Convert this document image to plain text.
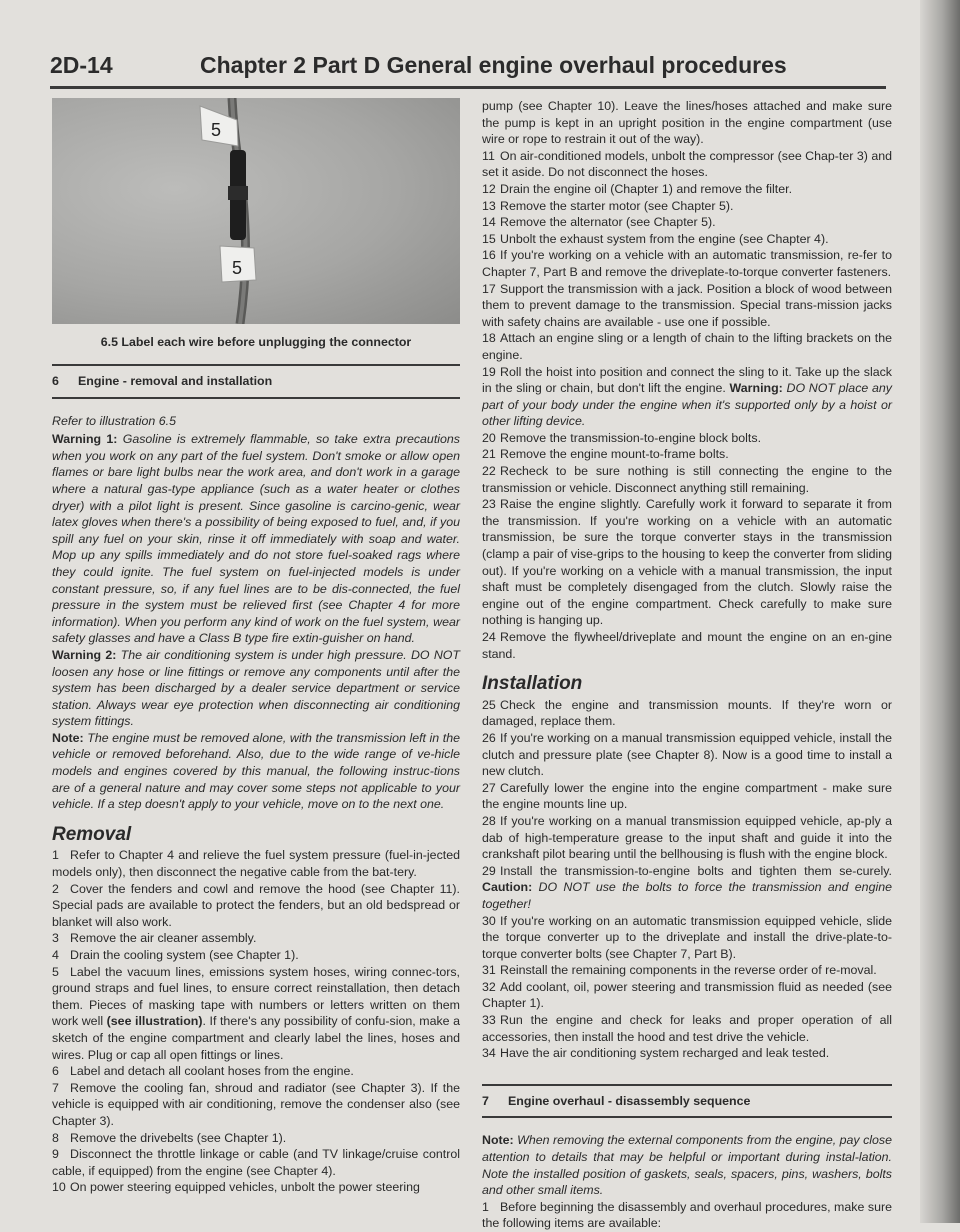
2D-14	Chapter 2 Part D General engine overhaul procedures
5
5
6.5 Label each wire before unplugging the connector
6 Engine - removal and installation

Refer to illustration 6.5

Warning 1: Gasoline is extremely flammable, so take extra precautions when you work on any part of the fuel system. Don't smoke or allow open flames or bare light bulbs near the work area, and don't work in a garage where a natural gas-type appliance (such as a water heater or clothes dryer) with a pilot light is present. Since gasoline is carcino-genic, wear latex gloves when there's a possibility of being exposed to fuel, and, if you spill any fuel on your skin, rinse it off immediately with soap and water. Mop up any spills immediately and do not store fuel-soaked rags where they could ignite. The fuel system on fuel-injected models is under constant pressure, so, if any fuel lines are to be dis-connected, the fuel pressure in the system must be relieved first (see Chapter 4 for more information). When you perform any kind of work on the fuel system, wear safety glasses and have a Class B type fire extin-guisher on hand.

Warning 2: The air conditioning system is under high pressure. DO NOT loosen any hose or line fittings or remove any components until after the system has been discharged by a dealer service department or service station. Always wear eye protection when disconnecting air conditioning system fittings.

Note: The engine must be removed alone, with the transmission left in the vehicle or removed beforehand. Also, due to the wide range of ve-hicle models and engines covered by this manual, the following instruc-tions are of a general nature and may cover some steps not applicable to your vehicle. If a step doesn't apply to your vehicle, move on to the next one.

Removal

1 Refer to Chapter 4 and relieve the fuel system pressure (fuel-in-jected models only), then disconnect the negative cable from the bat-tery.

2 Cover the fenders and cowl and remove the hood (see Chapter 11). Special pads are available to protect the fenders, but an old bedspread or blanket will also work.

3 Remove the air cleaner assembly.

4 Drain the cooling system (see Chapter 1).

5 Label the vacuum lines, emissions system hoses, wiring connec-tors, ground straps and fuel lines, to ensure correct reinstallation, then detach them. Pieces of masking tape with numbers or letters written on them work well (see illustration). If there's any possibility of confu-sion, make a sketch of the engine compartment and clearly label the lines, hoses and wires. Plug or cap all open fittings or lines.

6 Label and detach all coolant hoses from the engine.

7 Remove the cooling fan, shroud and radiator (see Chapter 3). If the vehicle is equipped with air conditioning, remove the condenser also (see Chapter 3).

8 Remove the drivebelts (see Chapter 1).

9 Disconnect the throttle linkage or cable (and TV linkage/cruise control cable, if equipped) from the engine (see Chapter 4).

10 On power steering equipped vehicles, unbolt the power steering

pump (see Chapter 10). Leave the lines/hoses attached and make sure the pump is kept in an upright position in the engine compartment (use wire or rope to restrain it out of the way).

11 On air-conditioned models, unbolt the compressor (see Chap-ter 3) and set it aside. Do not disconnect the hoses.

12 Drain the engine oil (Chapter 1) and remove the filter.

13 Remove the starter motor (see Chapter 5).

14 Remove the alternator (see Chapter 5).

15 Unbolt the exhaust system from the engine (see Chapter 4).

16 If you're working on a vehicle with an automatic transmission, re-fer to Chapter 7, Part B and remove the driveplate-to-torque converter fasteners.

17 Support the transmission with a jack. Position a block of wood between them to prevent damage to the transmission. Special trans-mission jacks with safety chains are available - use one if possible.

18 Attach an engine sling or a length of chain to the lifting brackets on the engine.

19 Roll the hoist into position and connect the sling to it. Take up the slack in the sling or chain, but don't lift the engine. Warning: DO NOT place any part of your body under the engine when it's supported only by a hoist or other lifting device.

20 Remove the transmission-to-engine block bolts.

21 Remove the engine mount-to-frame bolts.

22 Recheck to be sure nothing is still connecting the engine to the transmission or vehicle. Disconnect anything still remaining.

23 Raise the engine slightly. Carefully work it forward to separate it from the transmission. If you're working on a vehicle with an automatic transmission, be sure the torque converter stays in the transmission (clamp a pair of vise-grips to the housing to keep the converter from sliding out). If you're working on a vehicle with a manual transmission, the input shaft must be completely disengaged from the clutch. Slowly raise the engine out of the engine compartment. Check carefully to make sure nothing is hanging up.

24 Remove the flywheel/driveplate and mount the engine on an en-gine stand.

Installation

25 Check the engine and transmission mounts. If they're worn or damaged, replace them.

26 If you're working on a manual transmission equipped vehicle, install the clutch and pressure plate (see Chapter 8). Now is a good time to install a new clutch.

27 Carefully lower the engine into the engine compartment - make sure the engine mounts line up.

28 If you're working on a manual transmission equipped vehicle, ap-ply a dab of high-temperature grease to the input shaft and guide it into the crankshaft pilot bearing until the bellhousing is flush with the engine block.

29 Install the transmission-to-engine bolts and tighten them se-curely. Caution: DO NOT use the bolts to force the transmission and engine together!

30 If you're working on an automatic transmission equipped vehicle, slide the torque converter up to the driveplate and install the drive-plate-to-torque converter bolts (see Chapter 7, Part B).

31 Reinstall the remaining components in the reverse order of re-moval.

32 Add coolant, oil, power steering and transmission fluid as needed (see Chapter 1).

33 Run the engine and check for leaks and proper operation of all accessories, then install the hood and test drive the vehicle.

34 Have the air conditioning system recharged and leak tested.

7 Engine overhaul - disassembly sequence

Note: When removing the external components from the engine, pay close attention to details that may be helpful or important during instal-lation. Note the installed position of gaskets, seals, spacers, pins, washers, bolts and other small items.

1 Before beginning the disassembly and overhaul procedures, make sure the following items are available:
